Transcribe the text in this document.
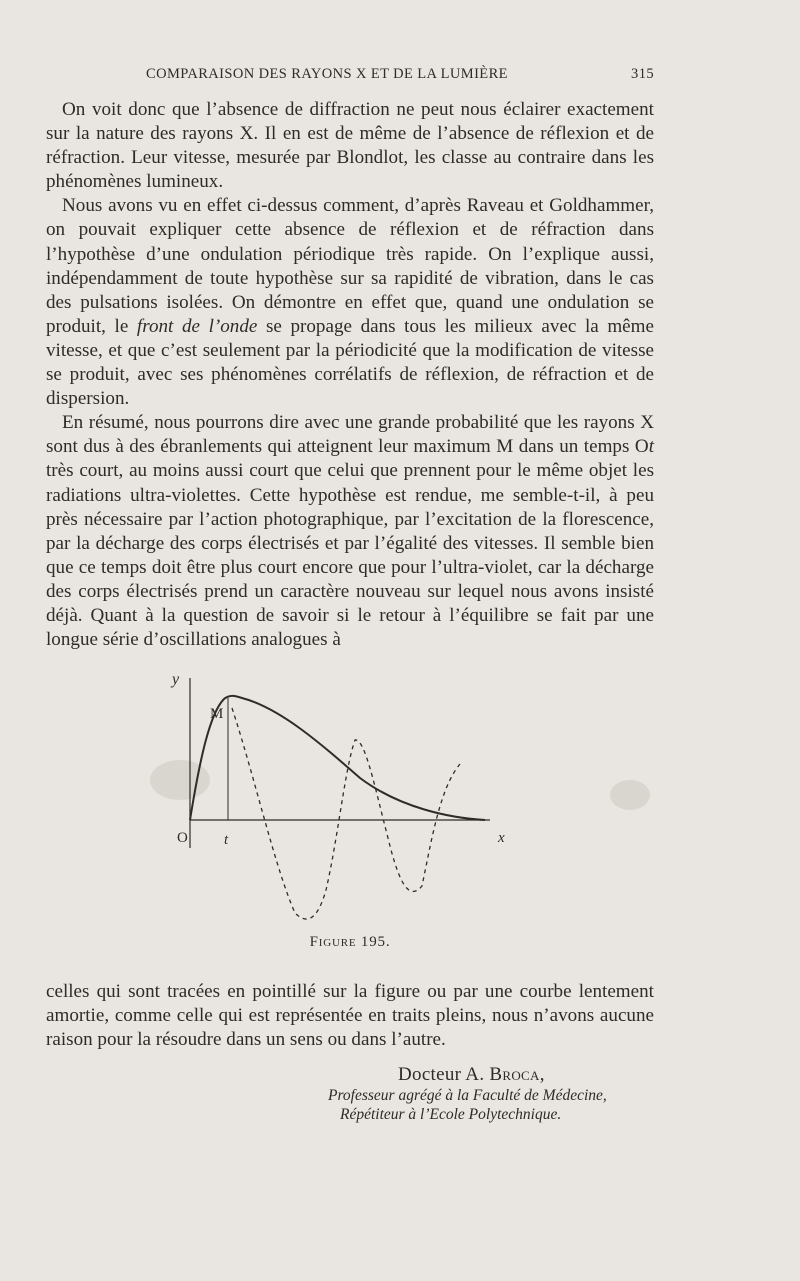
COMPARAISON DES RAYONS X ET DE LA LUMIÈRE	315

On voit donc que l’absence de diffraction ne peut nous éclairer exactement sur la nature des rayons X. Il en est de même de l’absence de réflexion et de réfraction. Leur vitesse, mesurée par Blondlot, les classe au contraire dans les phénomènes lumineux.

Nous avons vu en effet ci-dessus comment, d’après Raveau et Goldhammer, on pouvait expliquer cette absence de réflexion et de réfraction dans l’hypothèse d’une ondulation périodique très rapide. On l’explique aussi, indépendamment de toute hypothèse sur sa rapidité de vibration, dans le cas des pulsations isolées. On démontre en effet que, quand une ondulation se produit, le front de l’onde se propage dans tous les milieux avec la même vitesse, et que c’est seulement par la périodicité que la modification de vitesse se produit, avec ses phénomènes corrélatifs de réflexion, de réfraction et de dispersion.

En résumé, nous pourrons dire avec une grande probabilité que les rayons X sont dus à des ébranlements qui atteignent leur maximum M dans un temps Ot très court, au moins aussi court que celui que prennent pour le même objet les radiations ultra-violettes. Cette hypothèse est rendue, me semble-t-il, à peu près nécessaire par l’action photographique, par l’excitation de la florescence, par la décharge des corps électrisés et par l’égalité des vitesses. Il semble bien que ce temps doit être plus court encore que pour l’ultra-violet, car la décharge des corps électrisés prend un caractère nouveau sur lequel nous avons insisté déjà. Quant à la question de savoir si le retour à l’équilibre se fait par une longue série d’oscillations analogues à

y
M
O t	x
Figure 195.
celles qui sont tracées en pointillé sur la figure ou par une courbe lentement amortie, comme celle qui est représentée en traits pleins, nous n’avons aucune raison pour la résoudre dans un sens ou dans l’autre.
Docteur A. Broca,
Professeur agrégé à la Faculté de Médecine,
Répétiteur à l’Ecole Polytechnique.
